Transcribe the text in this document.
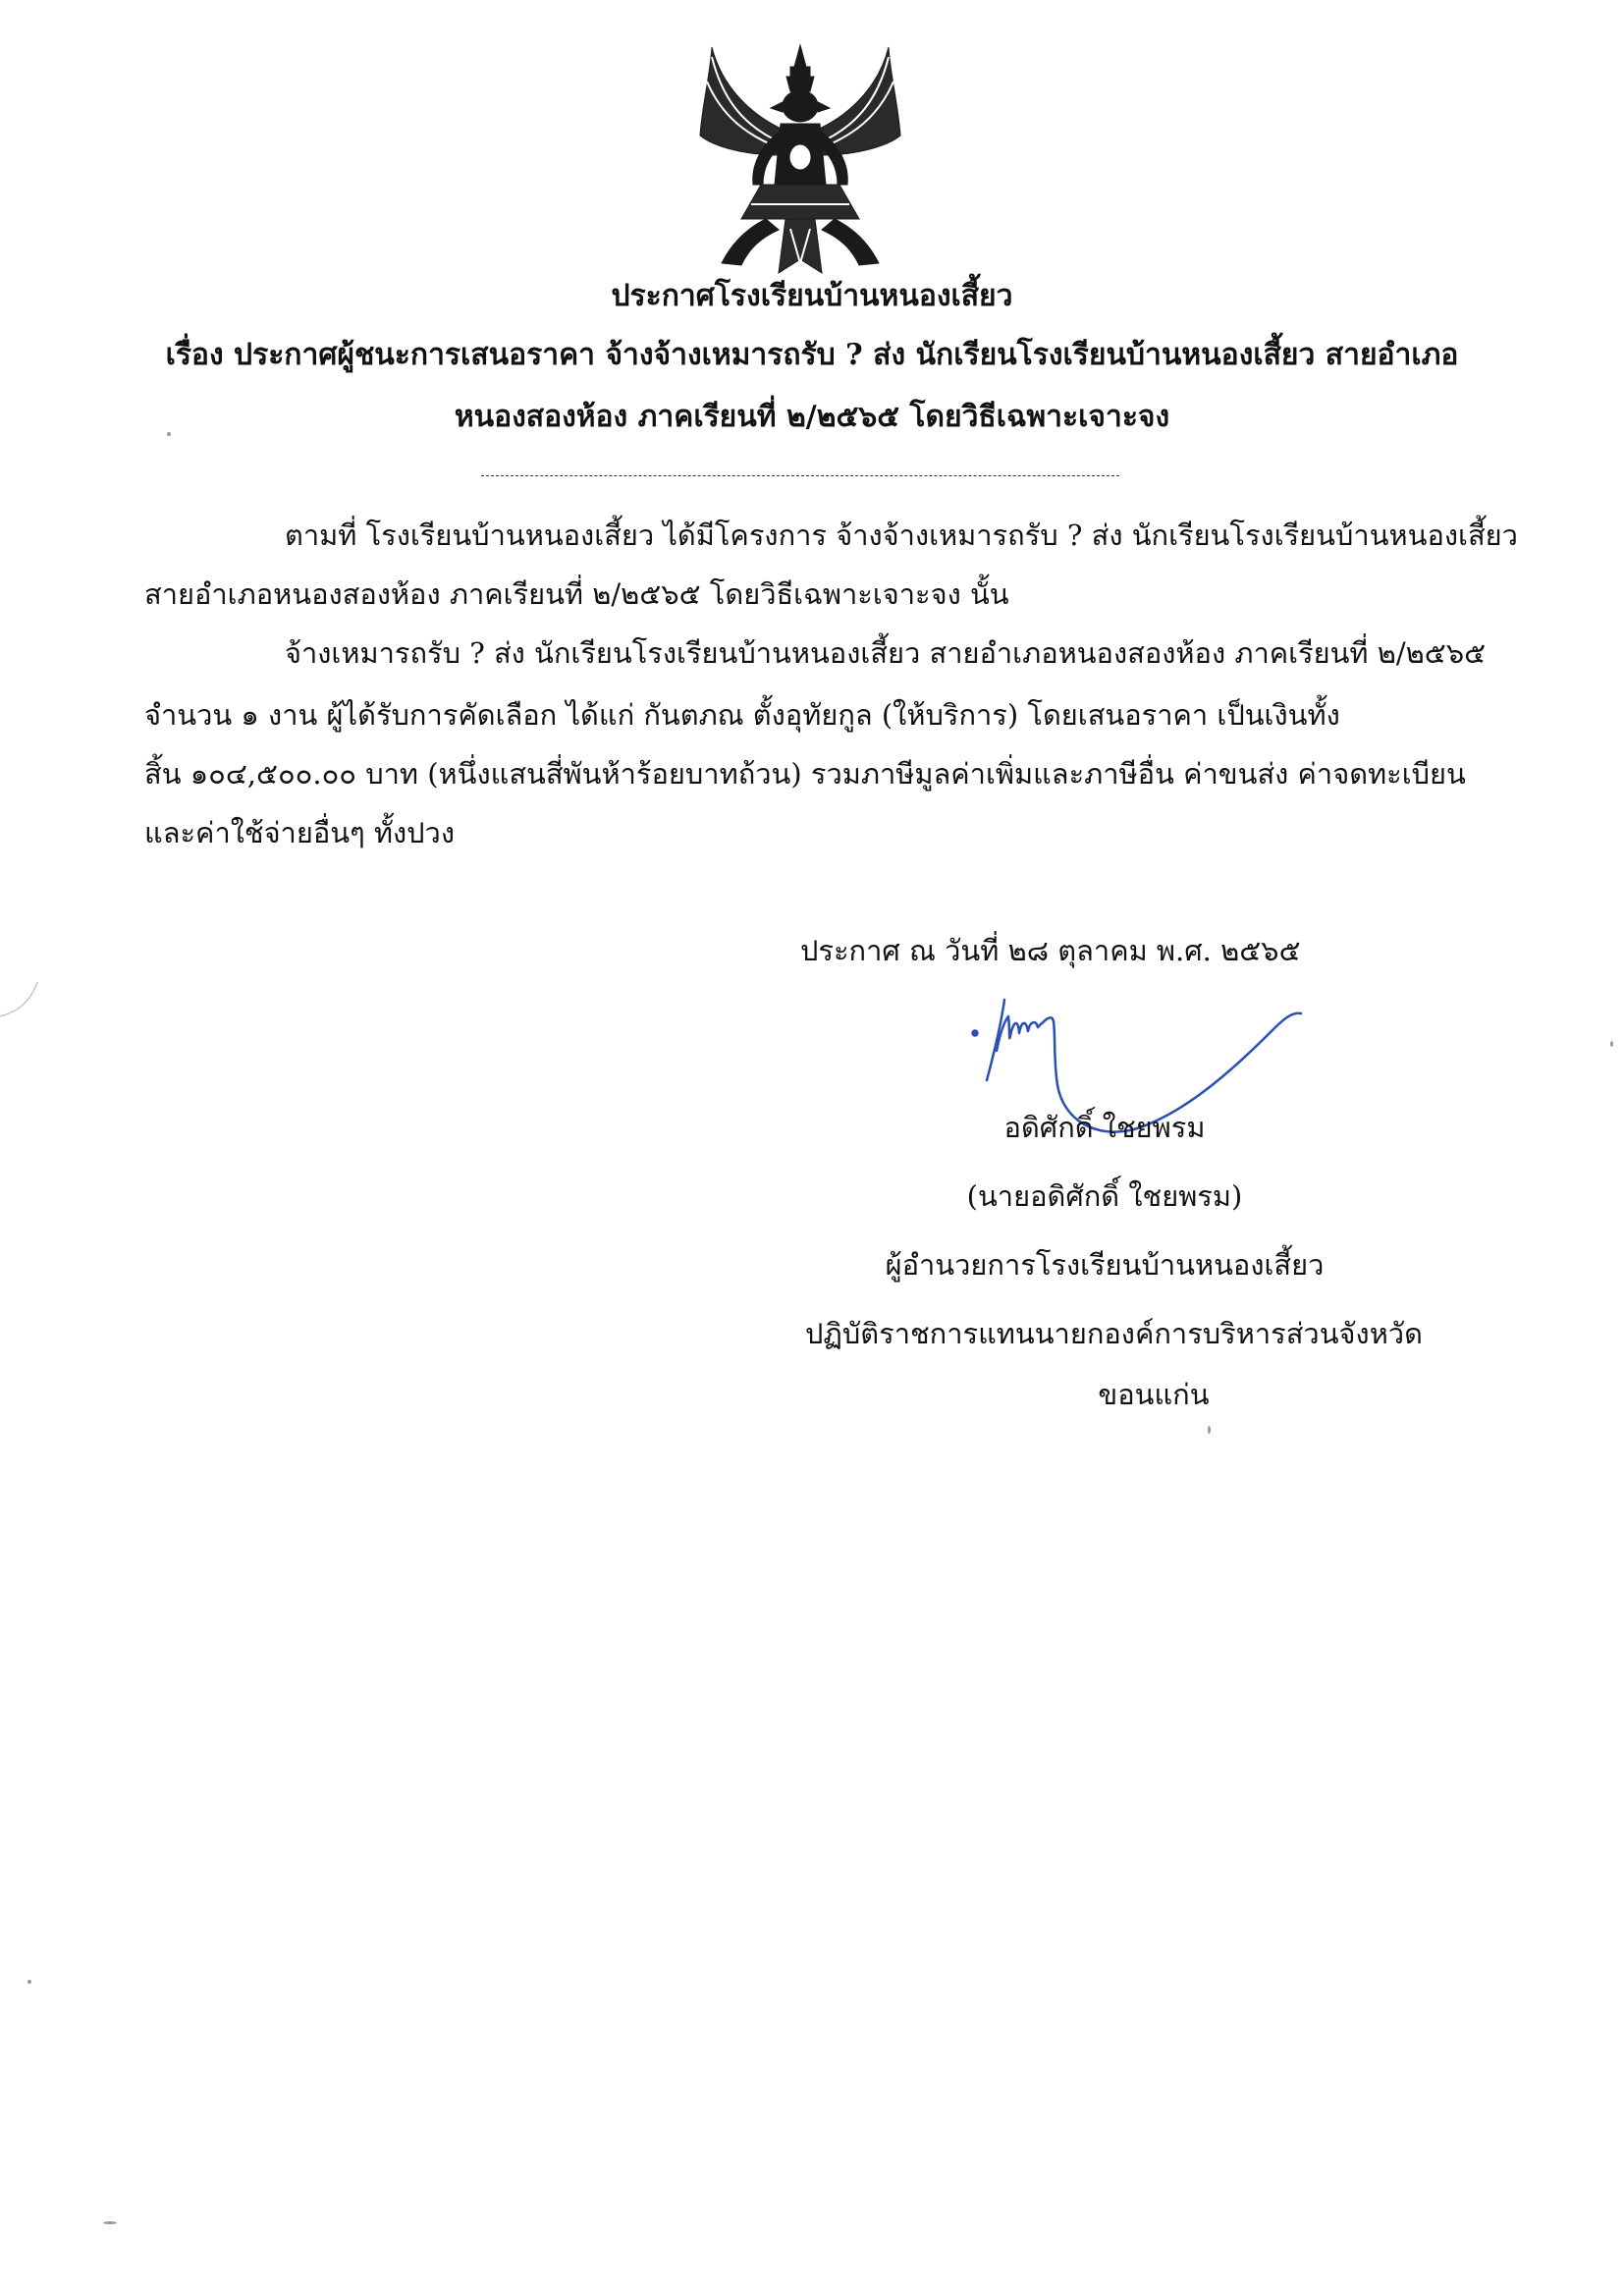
ประกาศโรงเรียนบ้านหนองเสี้ยว
เรื่อง ประกาศผู้ชนะการเสนอราคา จ้างจ้างเหมารถรับ ? ส่ง นักเรียนโรงเรียนบ้านหนองเสี้ยว สายอำเภอ
หนองสองห้อง ภาคเรียนที่ ๒/๒๕๖๕ โดยวิธีเฉพาะเจาะจง
ตามที่ โรงเรียนบ้านหนองเสี้ยว ได้มีโครงการ จ้างจ้างเหมารถรับ ? ส่ง นักเรียนโรงเรียนบ้านหนองเสี้ยว
สายอำเภอหนองสองห้อง ภาคเรียนที่ ๒/๒๕๖๕ โดยวิธีเฉพาะเจาะจง นั้น
จ้างเหมารถรับ ? ส่ง นักเรียนโรงเรียนบ้านหนองเสี้ยว สายอำเภอหนองสองห้อง ภาคเรียนที่ ๒/๒๕๖๕
จำนวน ๑ งาน ผู้ได้รับการคัดเลือก ได้แก่ กันตภณ ตั้งอุทัยกูล (ให้บริการ) โดยเสนอราคา เป็นเงินทั้ง
สิ้น ๑๐๔,๕๐๐.๐๐ บาท (หนึ่งแสนสี่พันห้าร้อยบาทถ้วน) รวมภาษีมูลค่าเพิ่มและภาษีอื่น ค่าขนส่ง ค่าจดทะเบียน
และค่าใช้จ่ายอื่นๆ ทั้งปวง
ประกาศ ณ วันที่ ๒๘ ตุลาคม พ.ศ. ๒๕๖๕
อดิศักดิ์ ใชยพรม
(นายอดิศักดิ์ ใชยพรม)
ผู้อำนวยการโรงเรียนบ้านหนองเสี้ยว
ปฏิบัติราชการแทนนายกองค์การบริหารส่วนจังหวัด
ขอนแก่น
